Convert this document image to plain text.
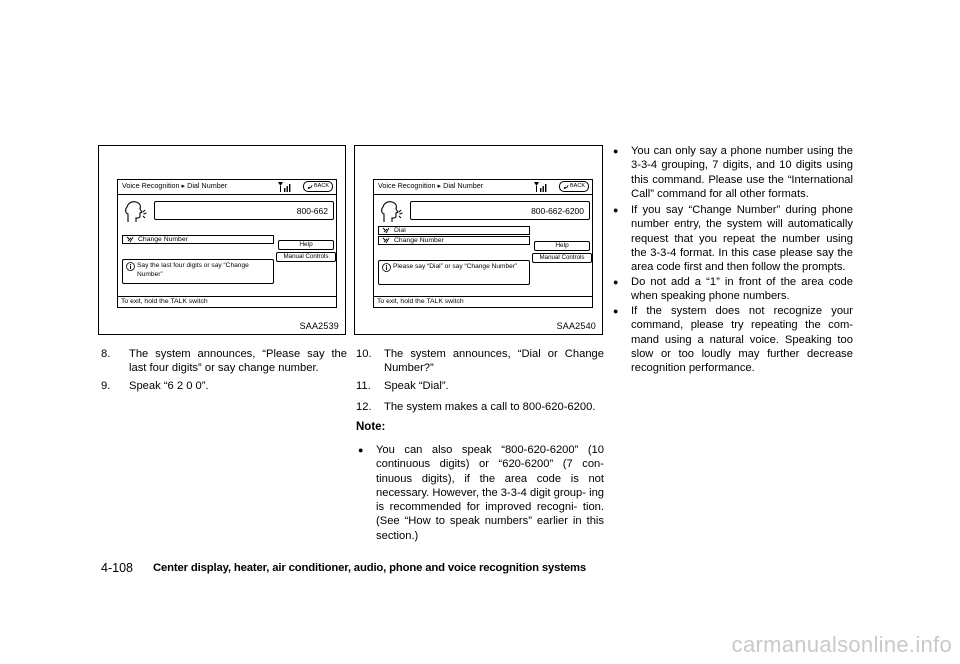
Voice Recognition ▸ Dial Number	BACK
800-662
Change Number
Help
Manual Controls
Say the last four digits or say “Change Number”
To exit, hold the TALK switch
SAA2539
Voice Recognition ▸ Dial Number	BACK
800-662-6200
Dial
Change Number
Help
Manual Controls
Please say “Dial” or say “Change Number”
To exit, hold the TALK switch
SAA2540
8. The system announces, “Please say the last four digits” or say change number.
9. Speak “6 2 0 0”.
10. The system announces, “Dial or Change Number?”
11. Speak “Dial”.
12. The system makes a call to 800-620-6200.
Note:
● You can also speak “800-620-6200” (10 continuous digits) or “620-6200” (7 con- tinuous digits), if the area code is not necessary. However, the 3-3-4 digit group- ing is recommended for improved recogni- tion. (See “How to speak numbers” earlier in this section.)
● You can only say a phone number using the 3-3-4 grouping, 7 digits, and 10 digits using this command. Please use the “International Call” command for all other formats.
● If you say “Change Number” during phone number entry, the system will automatically request that you repeat the number using the 3-3-4 format. In this case please say the area code first and then follow the prompts.
● Do not add a “1” in front of the area code when speaking phone numbers.
● If the system does not recognize your command, please try repeating the com- mand using a natural voice. Speaking too slow or too loudly may further decrease recognition performance.
4-108 Center display, heater, air conditioner, audio, phone and voice recognition systems
carmanualsonline.info
